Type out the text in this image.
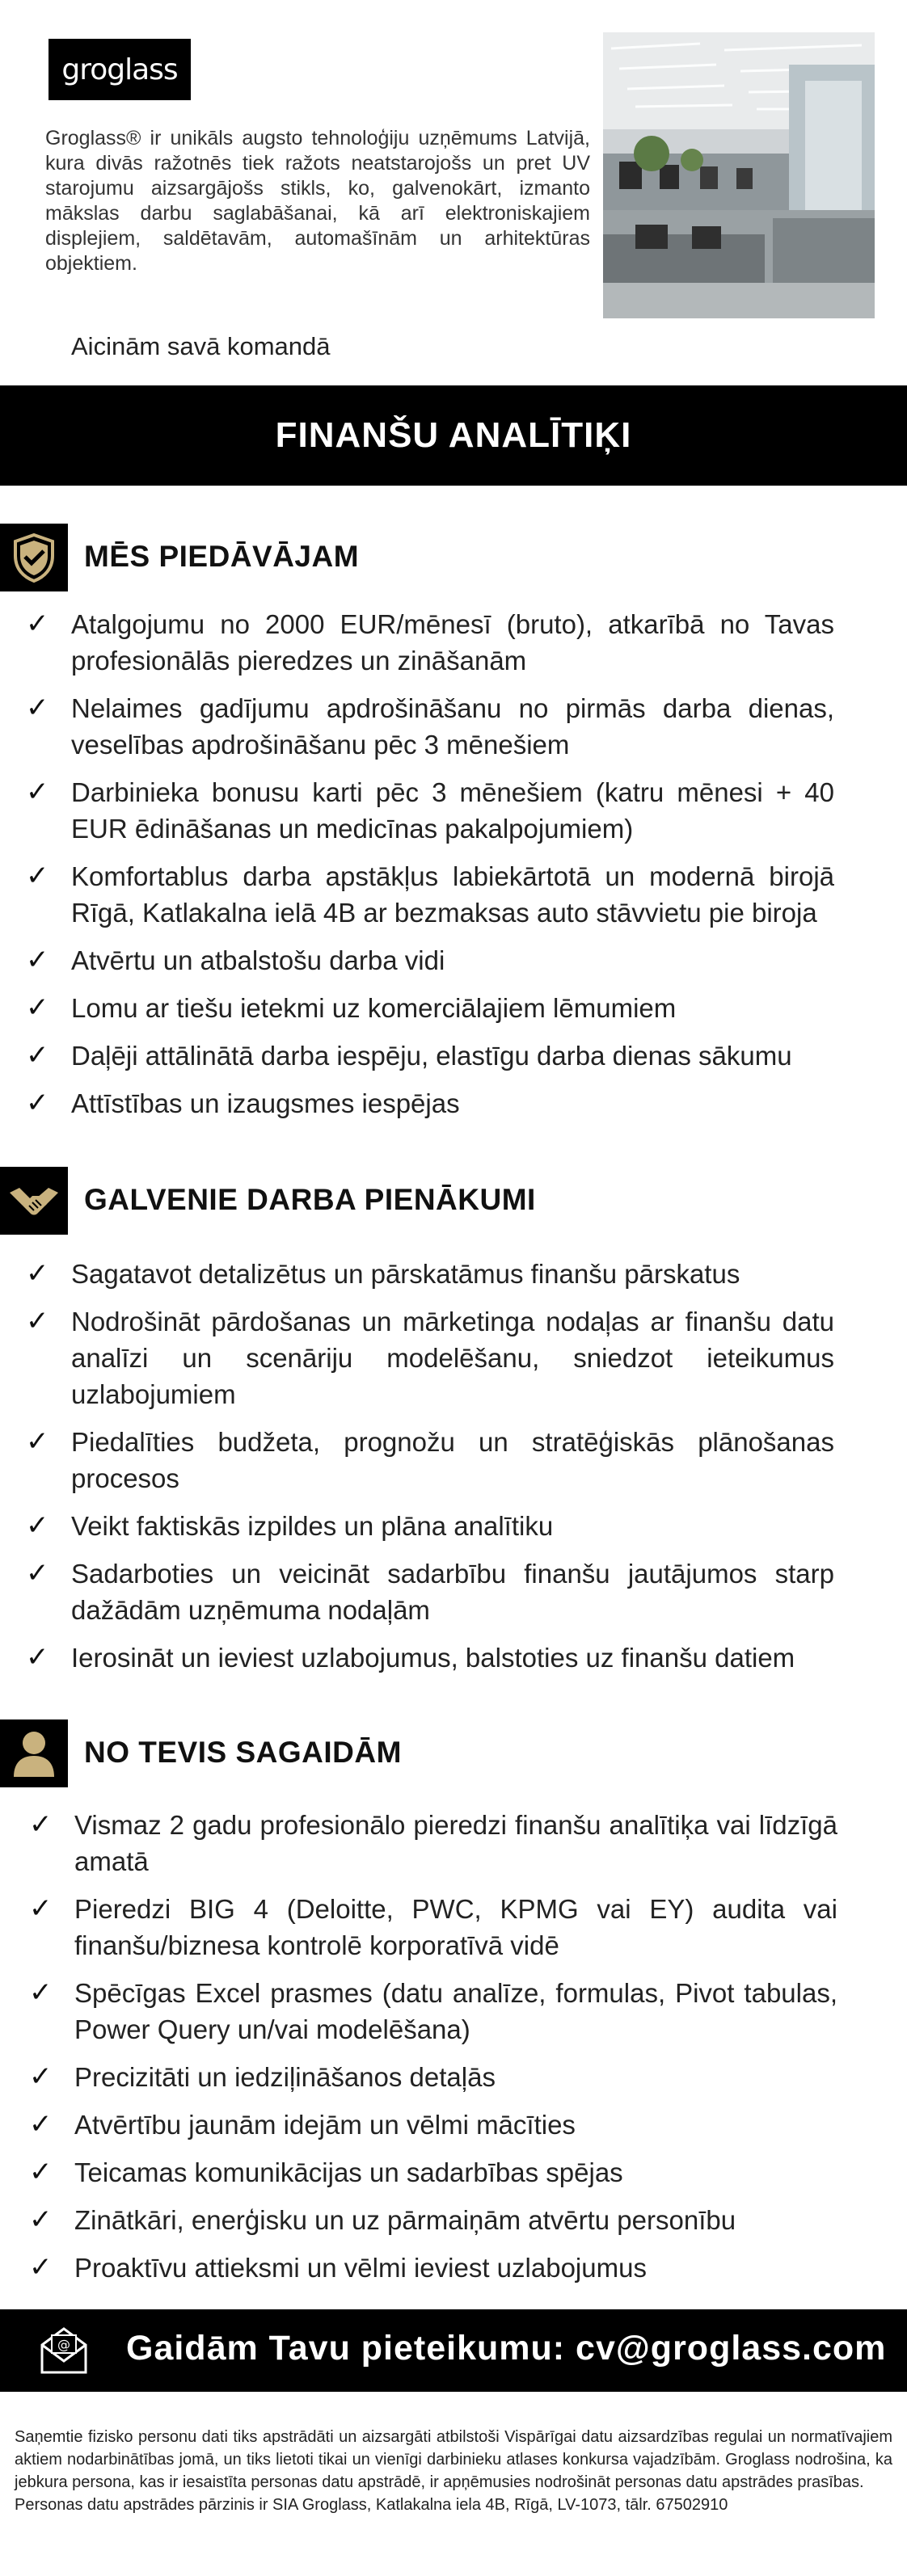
groglass
Groglass® ir unikāls augsto tehnoloģiju uzņēmums Latvijā, kura divās ražotnēs tiek ražots neatstarojošs un pret UV starojumu aizsargājošs stikls, ko, galvenokārt, izmanto mākslas darbu saglabāšanai, kā arī elektroniskajiem displejiem, saldētavām, automašīnām un arhitektūras objektiem.
Aicinām savā komandā
FINANŠU ANALĪTIĶI
MĒS PIEDĀVĀJAM
✓ Atalgojumu no 2000 EUR/mēnesī (bruto), atkarībā no Tavas profesionālās pieredzes un zināšanām
✓ Nelaimes gadījumu apdrošināšanu no pirmās darba dienas, veselības apdrošināšanu pēc 3 mēnešiem
✓ Darbinieka bonusu karti pēc 3 mēnešiem (katru mēnesi + 40 EUR ēdināšanas un medicīnas pakalpojumiem)
✓ Komfortablus darba apstākļus labiekārtotā un modernā birojā Rīgā, Katlakalna ielā 4B ar bezmaksas auto stāvvietu pie biroja
✓ Atvērtu un atbalstošu darba vidi
✓ Lomu ar tiešu ietekmi uz komerciālajiem lēmumiem
✓ Daļēji attālinātā darba iespēju, elastīgu darba dienas sākumu
✓ Attīstības un izaugsmes iespējas
GALVENIE DARBA PIENĀKUMI
✓ Sagatavot detalizētus un pārskatāmus finanšu pārskatus
✓ Nodrošināt pārdošanas un mārketinga nodaļas ar finanšu datu analīzi un scenāriju modelēšanu, sniedzot ieteikumus uzlabojumiem
✓ Piedalīties budžeta, prognožu un stratēģiskās plānošanas procesos
✓ Veikt faktiskās izpildes un plāna analītiku
✓ Sadarboties un veicināt sadarbību finanšu jautājumos starp dažādām uzņēmuma nodaļām
✓ Ierosināt un ieviest uzlabojumus, balstoties uz finanšu datiem
NO TEVIS SAGAIDĀM
✓ Vismaz 2 gadu profesionālo pieredzi finanšu analītiķa vai līdzīgā amatā
✓ Pieredzi BIG 4 (Deloitte, PWC, KPMG vai EY) audita vai finanšu/biznesa kontrolē korporatīvā vidē
✓ Spēcīgas Excel prasmes (datu analīze, formulas, Pivot tabulas, Power Query un/vai modelēšana)
✓ Precizitāti un iedziļināšanos detaļās
✓ Atvērtību jaunām idejām un vēlmi mācīties
✓ Teicamas komunikācijas un sadarbības spējas
✓ Zinātkāri, enerģisku un uz pārmaiņām atvērtu personību
✓ Proaktīvu attieksmi un vēlmi ieviest uzlabojumus
@ Gaidām Tavu pieteikumu: cv@groglass.com
Saņemtie fizisko personu dati tiks apstrādāti un aizsargāti atbilstoši Vispārīgai datu aizsardzības regulai un normatīvajiem aktiem nodarbinātības jomā, un tiks lietoti tikai un vienīgi darbinieku atlases konkursa vajadzībām. Groglass nodrošina, ka jebkura persona, kas ir iesaistīta personas datu apstrādē, ir apņēmusies nodrošināt personas datu apstrādes prasības.
Personas datu apstrādes pārzinis ir SIA Groglass, Katlakalna iela 4B, Rīgā, LV-1073, tālr. 67502910
